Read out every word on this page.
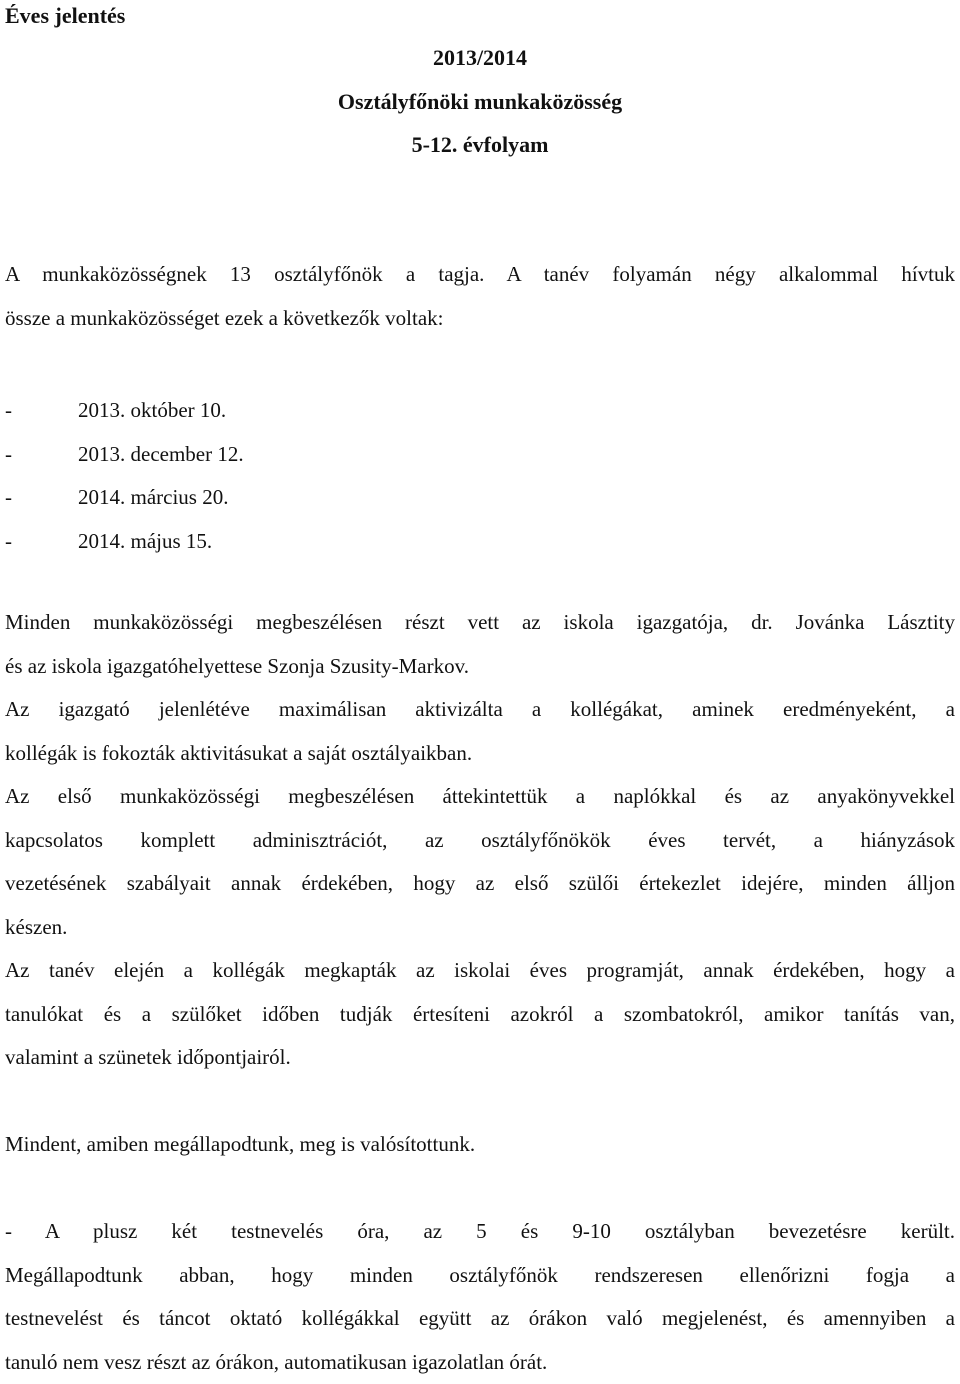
Éves jelentés
2013/2014
Osztályfőnöki munkaközösség
5-12. évfolyam
A munkaközösségnek 13 osztályfőnök a tagja. A tanév folyamán négy alkalommal hívtuk
össze a munkaközösséget ezek a következők voltak:
-	2013. október 10.
-	2013. december 12.
-	2014. március 20.
-	2014. május 15.
Minden munkaközösségi megbeszélésen részt vett az iskola igazgatója, dr. Jovánka Lásztity
és az iskola igazgatóhelyettese Szonja Szusity-Markov.
Az igazgató jelenlétéve maximálisan aktivizálta a kollégákat, aminek eredményeként, a
kollégák is fokozták aktivitásukat a saját osztályaikban.
Az első munkaközösségi megbeszélésen áttekintettük a naplókkal és az anyakönyvekkel
kapcsolatos komplett adminisztrációt, az osztályfőnökök éves tervét, a hiányzások
vezetésének szabályait annak érdekében, hogy az első szülői értekezlet idejére, minden álljon
készen.
Az tanév elején a kollégák megkapták az iskolai éves programját, annak érdekében, hogy a
tanulókat és a szülőket időben tudják értesíteni azokról a szombatokról, amikor tanítás van,
valamint a szünetek időpontjairól.
Mindent, amiben megállapodtunk, meg is valósítottunk.
- A plusz két testnevelés óra, az 5 és 9-10 osztályban bevezetésre került.
Megállapodtunk abban, hogy minden osztályfőnök rendszeresen ellenőrizni fogja a
testnevelést és táncot oktató kollégákkal együtt az órákon való megjelenést, és amennyiben a
tanuló nem vesz részt az órákon, automatikusan igazolatlan órát.
